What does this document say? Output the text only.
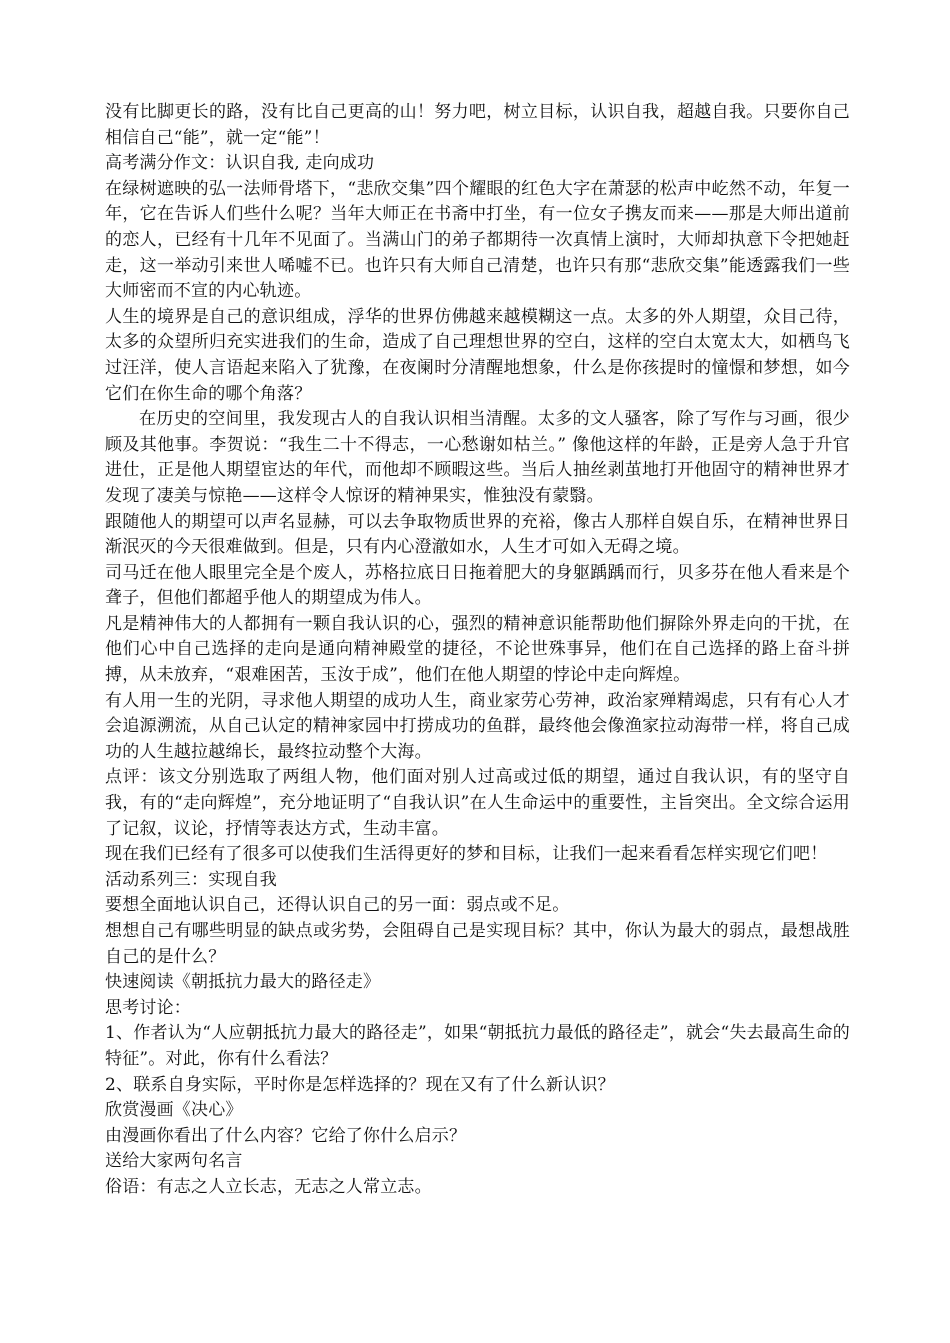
没有比脚更长的路，没有比自己更高的山！努力吧，树立目标，认识自我，超越自我。只要你自己相信自己“能”，就一定“能”！

高考满分作文：认识自我, 走向成功

在绿树遮映的弘一法师骨塔下，“悲欣交集”四个耀眼的红色大字在萧瑟的松声中屹然不动，年复一年，它在告诉人们些什么呢？当年大师正在书斋中打坐，有一位女子携友而来——那是大师出道前的恋人，已经有十几年不见面了。当满山门的弟子都期待一次真情上演时，大师却执意下令把她赶走，这一举动引来世人唏嘘不已。也许只有大师自己清楚，也许只有那“悲欣交集”能透露我们一些大师密而不宣的内心轨迹。

人生的境界是自己的意识组成，浮华的世界仿佛越来越模糊这一点。太多的外人期望，众目己待，太多的众望所归充实进我们的生命，造成了自己理想世界的空白，这样的空白太宽太大，如栖鸟飞过汪洋，使人言语起来陷入了犹豫，在夜阑时分清醒地想象，什么是你孩提时的憧憬和梦想，如今它们在你生命的哪个角落？

在历史的空间里，我发现古人的自我认识相当清醒。太多的文人骚客，除了写作与习画，很少顾及其他事。李贺说：“我生二十不得志，一心愁谢如枯兰。” 像他这样的年龄，正是旁人急于升官进仕，正是他人期望宦达的年代，而他却不顾暇这些。当后人抽丝剥茧地打开他固守的精神世界才发现了凄美与惊艳——这样令人惊讶的精神果实，惟独没有蒙翳。

跟随他人的期望可以声名显赫，可以去争取物质世界的充裕，像古人那样自娱自乐，在精神世界日渐泯灭的今天很难做到。但是，只有内心澄澈如水，人生才可如入无碍之境。

司马迁在他人眼里完全是个废人，苏格拉底日日拖着肥大的身躯踽踽而行，贝多芬在他人看来是个聋子，但他们都超乎他人的期望成为伟人。

凡是精神伟大的人都拥有一颗自我认识的心，强烈的精神意识能帮助他们摒除外界走向的干扰，在他们心中自己选择的走向是通向精神殿堂的捷径，不论世殊事异，他们在自己选择的路上奋斗拼搏，从未放弃，“艰难困苦，玉汝于成”，他们在他人期望的悖论中走向辉煌。

有人用一生的光阴，寻求他人期望的成功人生，商业家劳心劳神，政治家殚精竭虑，只有有心人才会追源溯流，从自己认定的精神家园中打捞成功的鱼群，最终他会像渔家拉动海带一样，将自己成功的人生越拉越绵长，最终拉动整个大海。

点评：该文分别选取了两组人物，他们面对别人过高或过低的期望，通过自我认识，有的坚守自我，有的“走向辉煌”，充分地证明了“自我认识”在人生命运中的重要性，主旨突出。全文综合运用了记叙，议论，抒情等表达方式，生动丰富。

现在我们已经有了很多可以使我们生活得更好的梦和目标，让我们一起来看看怎样实现它们吧！

活动系列三：实现自我

要想全面地认识自己，还得认识自己的另一面：弱点或不足。

想想自己有哪些明显的缺点或劣势，会阻碍自己是实现目标？其中，你认为最大的弱点，最想战胜自己的是什么？

快速阅读《朝抵抗力最大的路径走》

思考讨论：

1、作者认为“人应朝抵抗力最大的路径走”，如果“朝抵抗力最低的路径走”，就会“失去最高生命的特征”。对此，你有什么看法？

2、联系自身实际，平时你是怎样选择的？现在又有了什么新认识？

欣赏漫画《决心》

由漫画你看出了什么内容？它给了你什么启示？

送给大家两句名言

俗语：有志之人立长志，无志之人常立志。
